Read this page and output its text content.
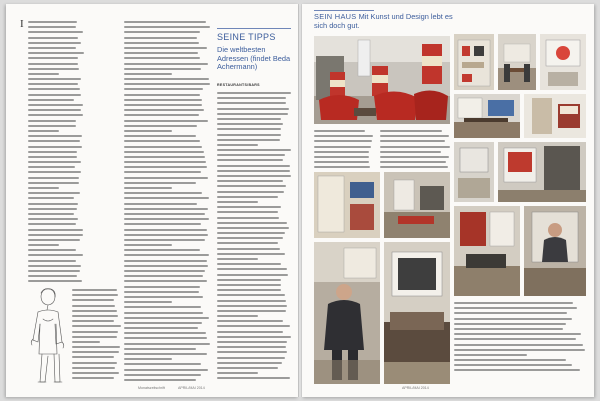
I
SEINE TIPPS
Die weltbesten Adressen (findet Beda Achermann)
RESTAURANTS/BARS

Monatszeitschrift	APRIL/MAI 2014
SEIN HAUS Mit Kunst und Design lebt es sich doch gut.
APRIL/MAI 2014
